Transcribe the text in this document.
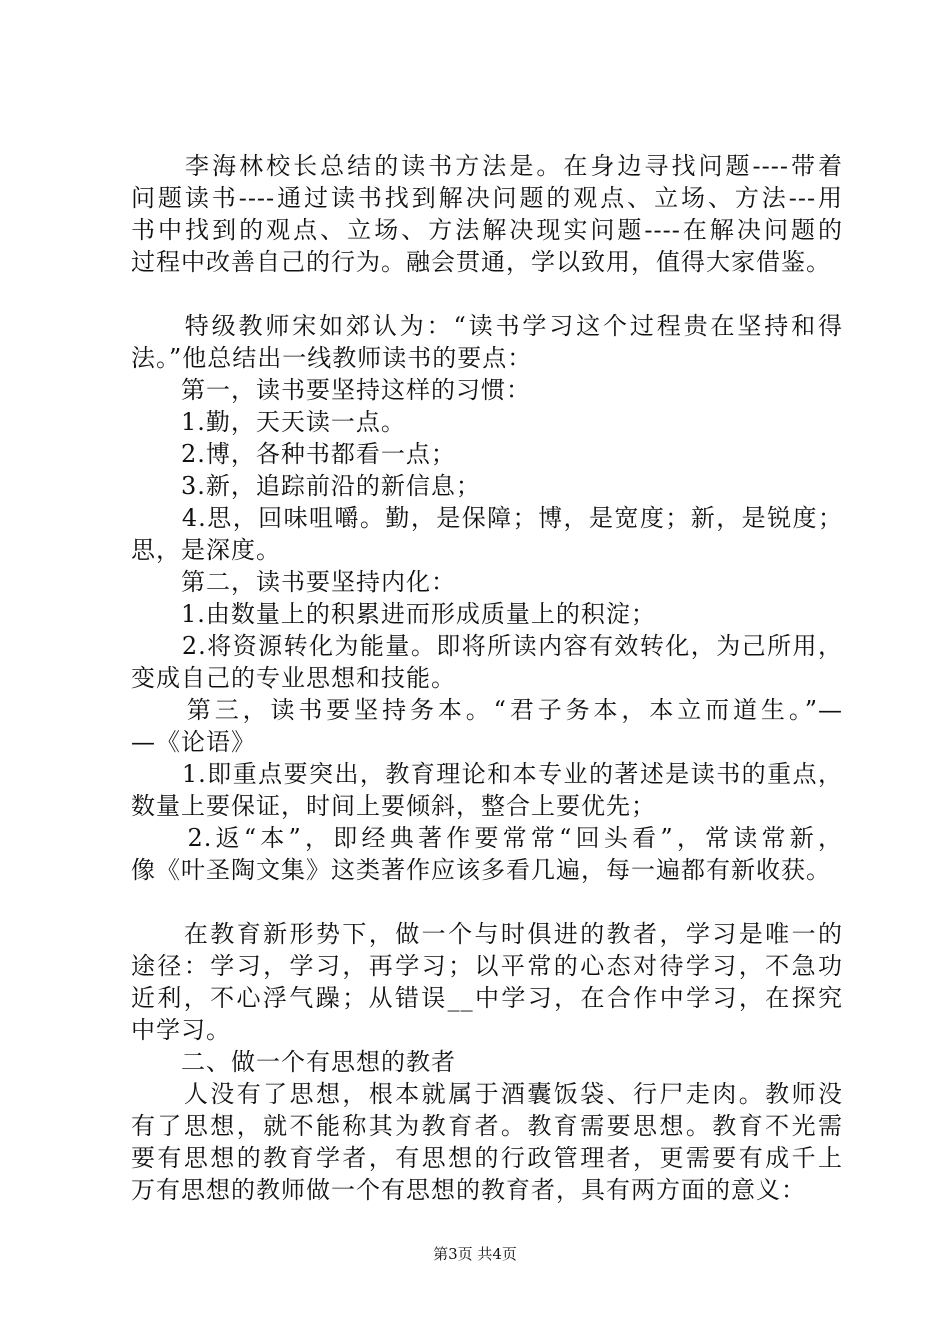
　　李海林校长总结的读书方法是。在身边寻找问题----带着
问题读书----通过读书找到解决问题的观点、立场、方法---用
书中找到的观点、立场、方法解决现实问题----在解决问题的
过程中改善自己的行为。融会贯通，学以致用，值得大家借鉴。
　　特级教师宋如郊认为：“读书学习这个过程贵在坚持和得
法。”他总结出一线教师读书的要点：
　　第一，读书要坚持这样的习惯：
　　1.勤，天天读一点。
　　2.博，各种书都看一点；
　　3.新，追踪前沿的新信息；
　　4.思，回味咀嚼。勤，是保障；博，是宽度；新，是锐度；
思，是深度。
　　第二，读书要坚持内化：
　　1.由数量上的积累进而形成质量上的积淀；
　　2.将资源转化为能量。即将所读内容有效转化，为己所用，
变成自己的专业思想和技能。
　　第三，读书要坚持务本。“君子务本，本立而道生。”—
—《论语》
　　1.即重点要突出，教育理论和本专业的著述是读书的重点，
数量上要保证，时间上要倾斜，整合上要优先；
　　2.返“本”，即经典著作要常常“回头看”，常读常新，
像《叶圣陶文集》这类著作应该多看几遍，每一遍都有新收获。
　　在教育新形势下，做一个与时俱进的教者，学习是唯一的
途径：学习，学习，再学习；以平常的心态对待学习，不急功
近利，不心浮气躁；从错误__中学习，在合作中学习，在探究
中学习。
　　二、做一个有思想的教者
　　人没有了思想，根本就属于酒囊饭袋、行尸走肉。教师没
有了思想，就不能称其为教育者。教育需要思想。教育不光需
要有思想的教育学者，有思想的行政管理者，更需要有成千上
万有思想的教师做一个有思想的教育者，具有两方面的意义：
第3页 共4页
